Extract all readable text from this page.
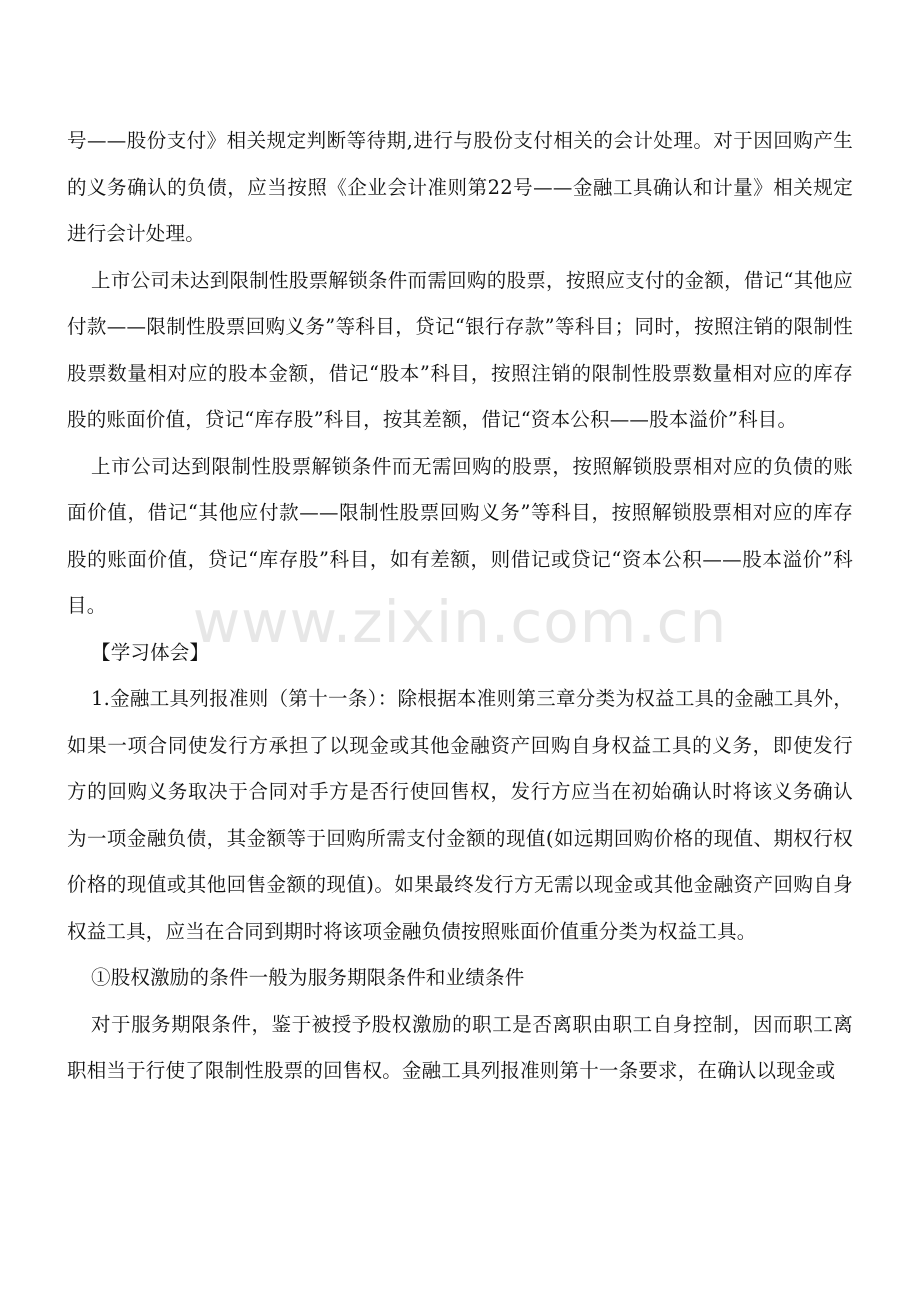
号——股份支付》相关规定判断等待期,进行与股份支付相关的会计处理。对于因回购产生的义务确认的负债，应当按照《企业会计准则第22号——金融工具确认和计量》相关规定进行会计处理。

上市公司未达到限制性股票解锁条件而需回购的股票，按照应支付的金额，借记“其他应付款——限制性股票回购义务”等科目，贷记“银行存款”等科目；同时，按照注销的限制性股票数量相对应的股本金额，借记“股本”科目，按照注销的限制性股票数量相对应的库存股的账面价值，贷记“库存股”科目，按其差额，借记“资本公积——股本溢价”科目。

上市公司达到限制性股票解锁条件而无需回购的股票，按照解锁股票相对应的负债的账面价值，借记“其他应付款——限制性股票回购义务”等科目，按照解锁股票相对应的库存股的账面价值，贷记“库存股”科目，如有差额，则借记或贷记“资本公积——股本溢价”科目。

【学习体会】

1.金融工具列报准则（第十一条）：除根据本准则第三章分类为权益工具的金融工具外，如果一项合同使发行方承担了以现金或其他金融资产回购自身权益工具的义务，即使发行方的回购义务取决于合同对手方是否行使回售权，发行方应当在初始确认时将该义务确认为一项金融负债，其金额等于回购所需支付金额的现值(如远期回购价格的现值、期权行权价格的现值或其他回售金额的现值)。如果最终发行方无需以现金或其他金融资产回购自身权益工具，应当在合同到期时将该项金融负债按照账面价值重分类为权益工具。

①股权激励的条件一般为服务期限条件和业绩条件

对于服务期限条件，鉴于被授予股权激励的职工是否离职由职工自身控制，因而职工离职相当于行使了限制性股票的回售权。金融工具列报准则第十一条要求，在确认以现金或

www.zixin.com.cn
